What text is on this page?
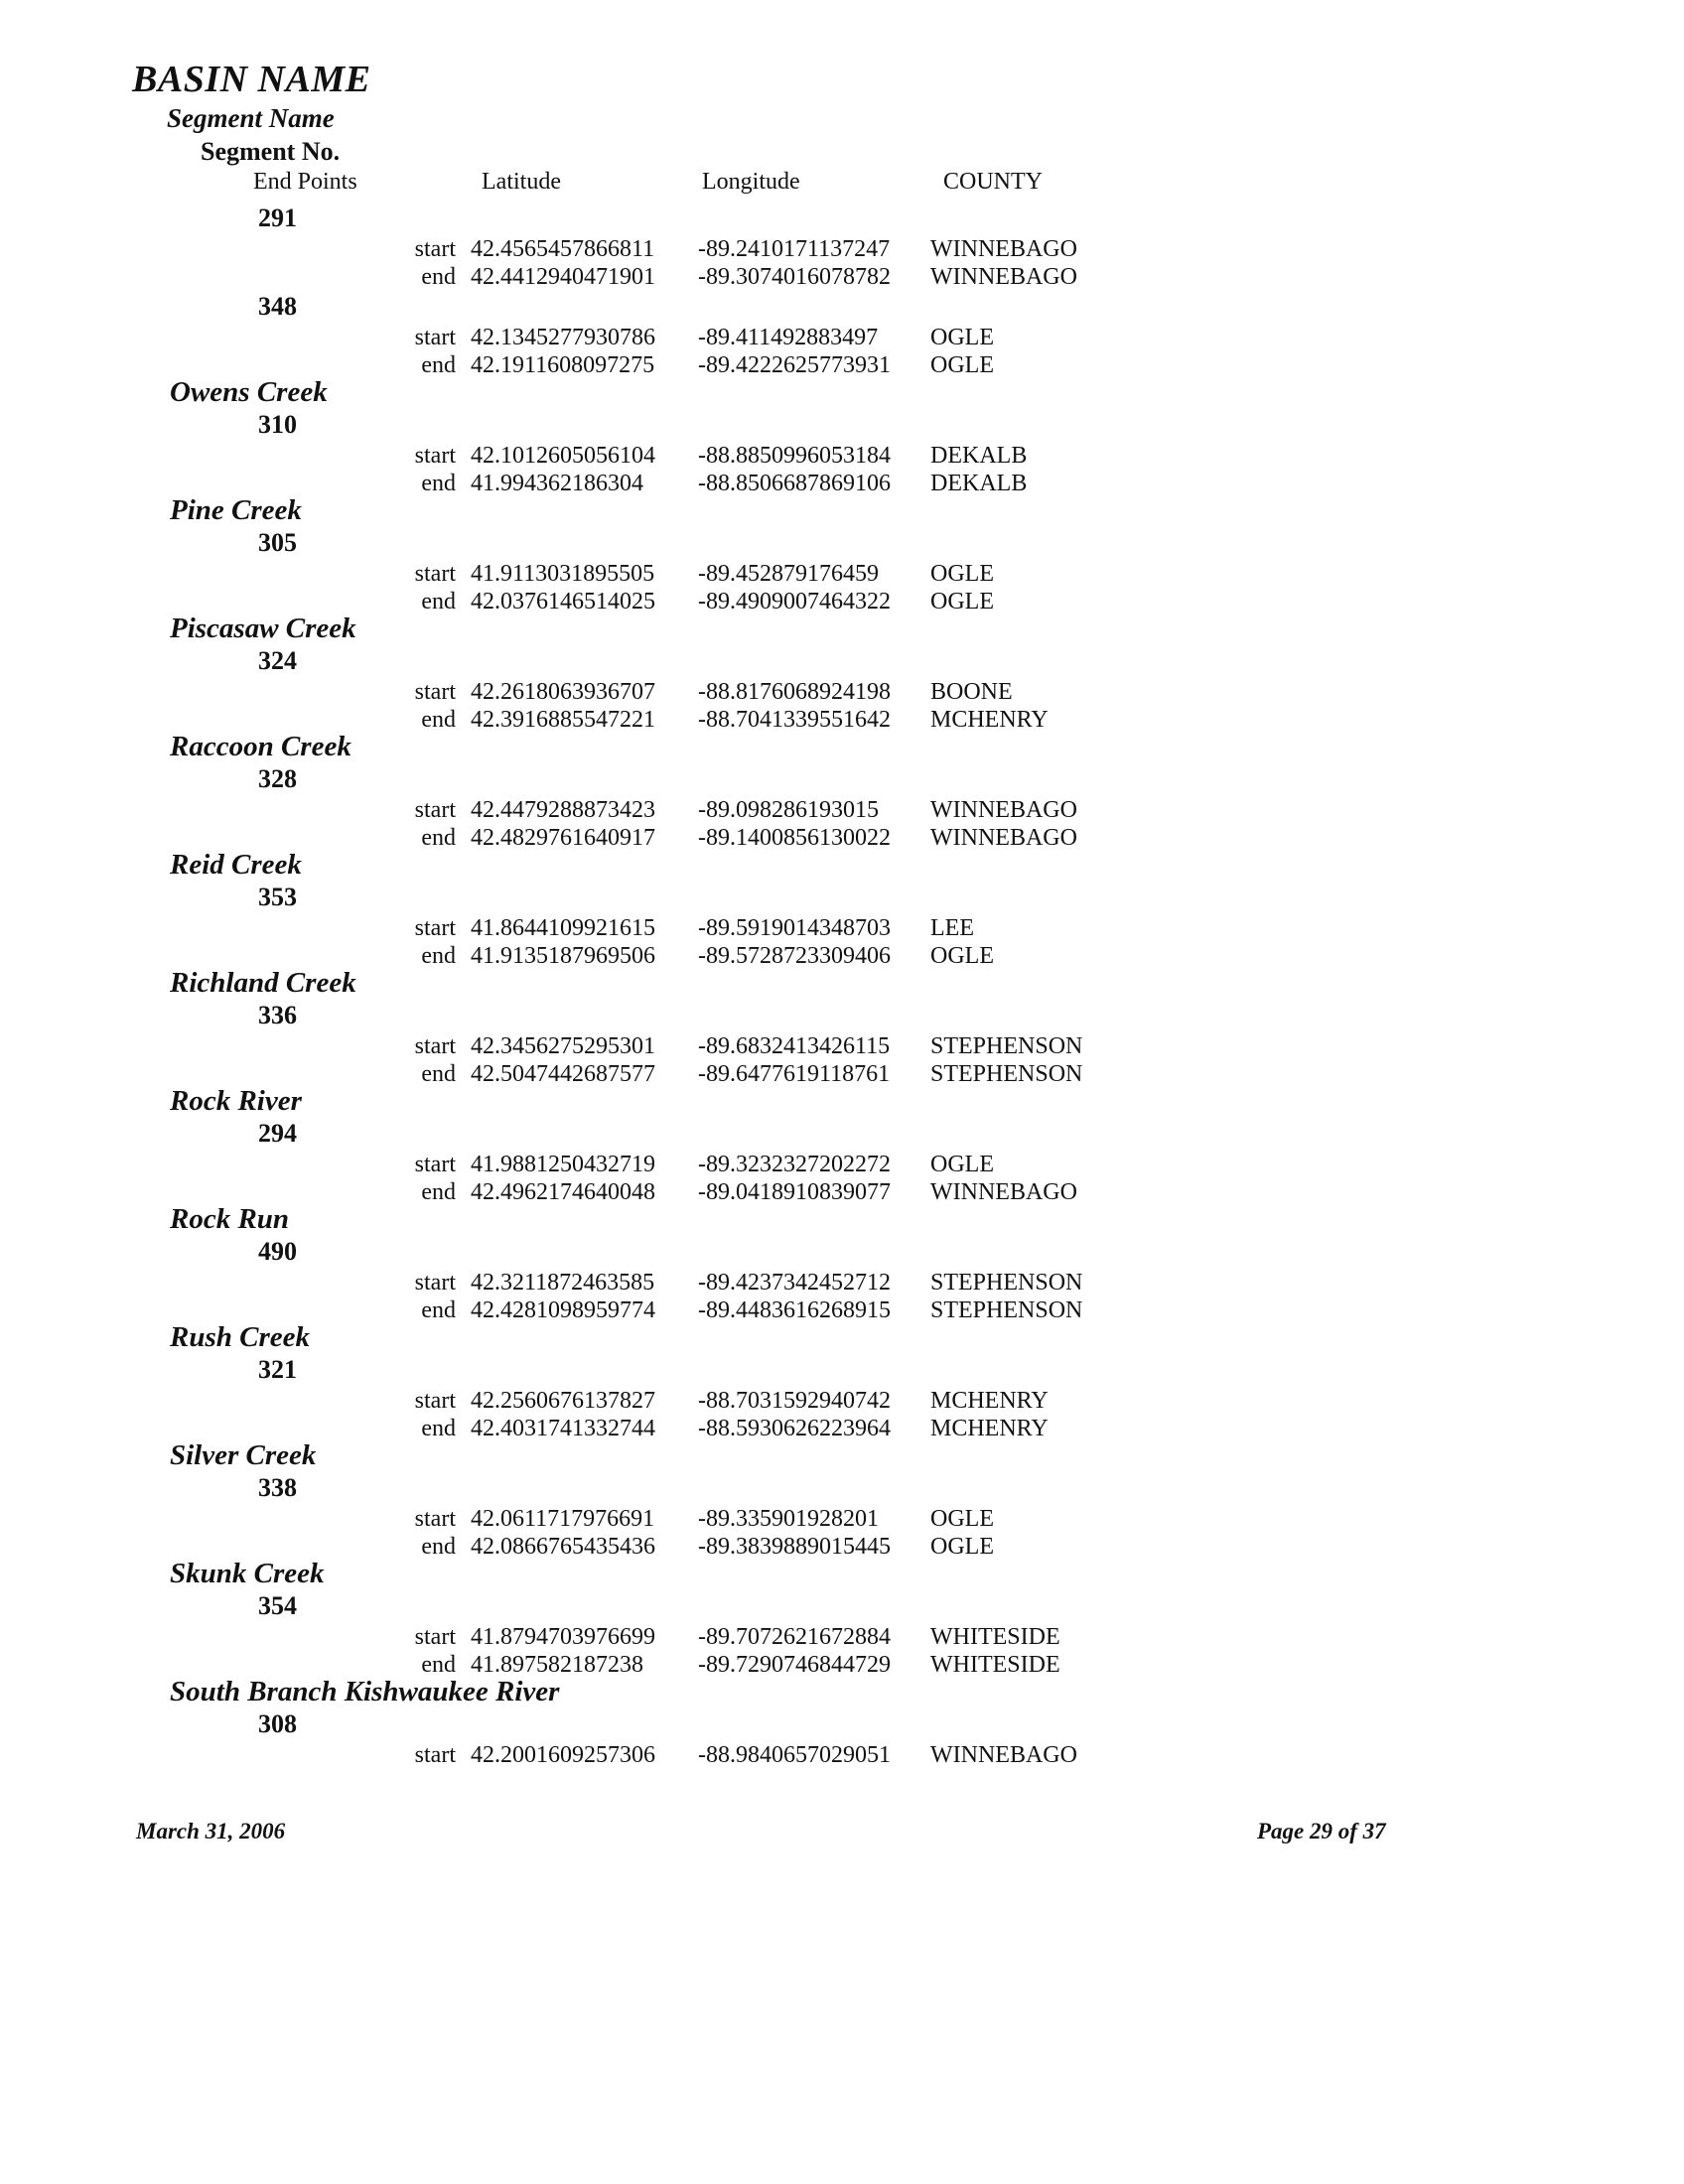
BASIN NAME
Segment Name
Segment No.
End Points	Latitude	Longitude	COUNTY
291
start 42.4565457866811 -89.2410171137247 WINNEBAGO
end 42.4412940471901 -89.3074016078782 WINNEBAGO
348
start 42.1345277930786 -89.411492883497 OGLE
end 42.1911608097275 -89.4222625773931 OGLE
Owens Creek
310
start 42.1012605056104 -88.8850996053184 DEKALB
end 41.994362186304 -88.8506687869106 DEKALB
Pine Creek
305
start 41.9113031895505 -89.452879176459 OGLE
end 42.0376146514025 -89.4909007464322 OGLE
Piscasaw Creek
324
start 42.2618063936707 -88.8176068924198 BOONE
end 42.3916885547221 -88.7041339551642 MCHENRY
Raccoon Creek
328
start 42.4479288873423 -89.098286193015 WINNEBAGO
end 42.4829761640917 -89.1400856130022 WINNEBAGO
Reid Creek
353
start 41.8644109921615 -89.5919014348703 LEE
end 41.9135187969506 -89.5728723309406 OGLE
Richland Creek
336
start 42.3456275295301 -89.6832413426115 STEPHENSON
end 42.5047442687577 -89.6477619118761 STEPHENSON
Rock River
294
start 41.9881250432719 -89.3232327202272 OGLE
end 42.4962174640048 -89.0418910839077 WINNEBAGO
Rock Run
490
start 42.3211872463585 -89.4237342452712 STEPHENSON
end 42.4281098959774 -89.4483616268915 STEPHENSON
Rush Creek
321
start 42.2560676137827 -88.7031592940742 MCHENRY
end 42.4031741332744 -88.5930626223964 MCHENRY
Silver Creek
338
start 42.0611717976691 -89.335901928201 OGLE
end 42.0866765435436 -89.3839889015445 OGLE
Skunk Creek
354
start 41.8794703976699 -89.7072621672884 WHITESIDE
end 41.897582187238 -89.7290746844729 WHITESIDE
South Branch Kishwaukee River
308
start 42.2001609257306 -88.9840657029051 WINNEBAGO
March 31, 2006	Page 29 of 37
